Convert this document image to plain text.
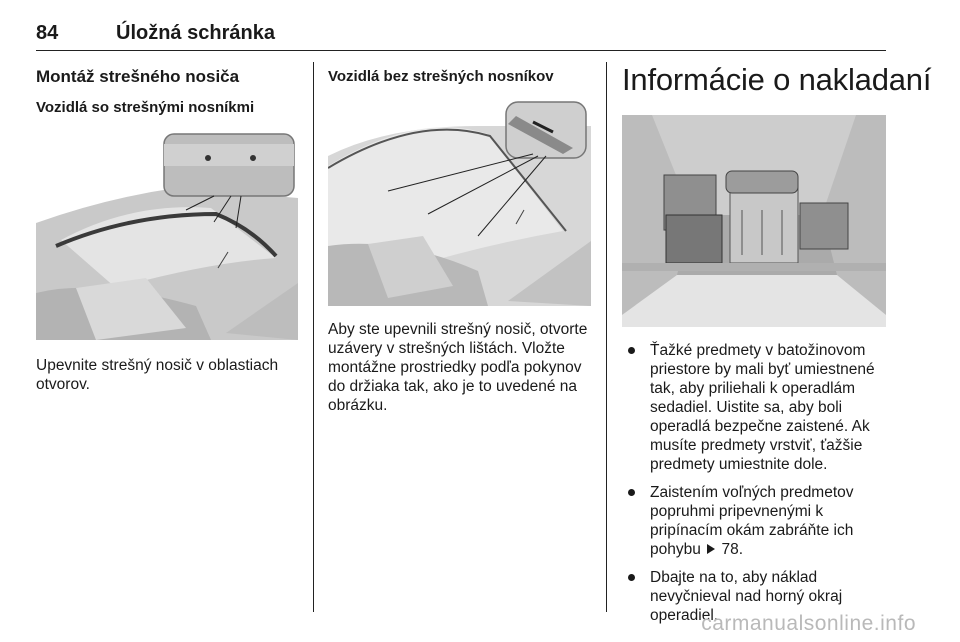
84	Úložná schránka
Montáž strešného nosiča
Vozidlá so strešnými nosníkmi
Upevnite strešný nosič v oblastiach otvorov.
Vozidlá bez strešných nosníkov
Aby ste upevnili strešný nosič, otvorte uzávery v strešných lištách. Vložte montážne prostriedky podľa pokynov do držiaka tak, ako je to uvedené na obrázku.
Informácie o nakladaní
Ťažké predmety v batožinovom priestore by mali byť umiestnené tak, aby priliehali k operadlám sedadiel. Uistite sa, aby boli operadlá bezpečne zaistené. Ak musíte predmety vrstviť, ťažšie predmety umiestnite dole.
Zaistením voľných predmetov popruhmi pripevnenými k pripínacím okám zabráňte ich pohybu 78.
Dbajte na to, aby náklad nevyčnieval nad horný okraj operadiel.
carmanualsonline.info
